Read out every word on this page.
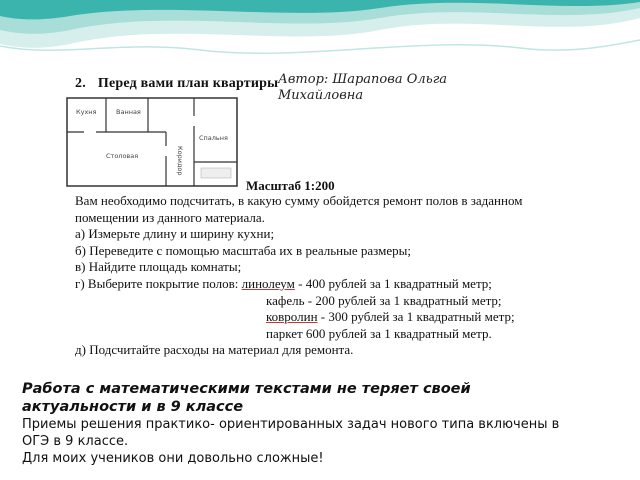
2. Перед вами план квартиры Автор: Шарапова Ольга
Михайловна
Кухня	Ванная
Спальня
Столовая	Коридор
Масштаб 1:200
Вам необходимо подсчитать, в какую сумму обойдется ремонт полов в заданном
помещении из данного материала.
а) Измерьте длину и ширину кухни;
б) Переведите с помощью масштаба их в реальные размеры;
в) Найдите площадь комнаты;
г) Выберите покрытие полов: линолеум - 400 рублей за 1 квадратный метр;
кафель - 200 рублей за 1 квадратный метр;
ковролин - 300 рублей за 1 квадратный метр;
паркет 600 рублей за 1 квадратный метр.
д) Подсчитайте расходы на материал для ремонта.
Работа с математическими текстами не теряет своей
актуальности и в 9 классе
Приемы решения практико- ориентированных задач нового типа включены в
ОГЭ в 9 классе.
Для моих учеников они довольно сложные!
